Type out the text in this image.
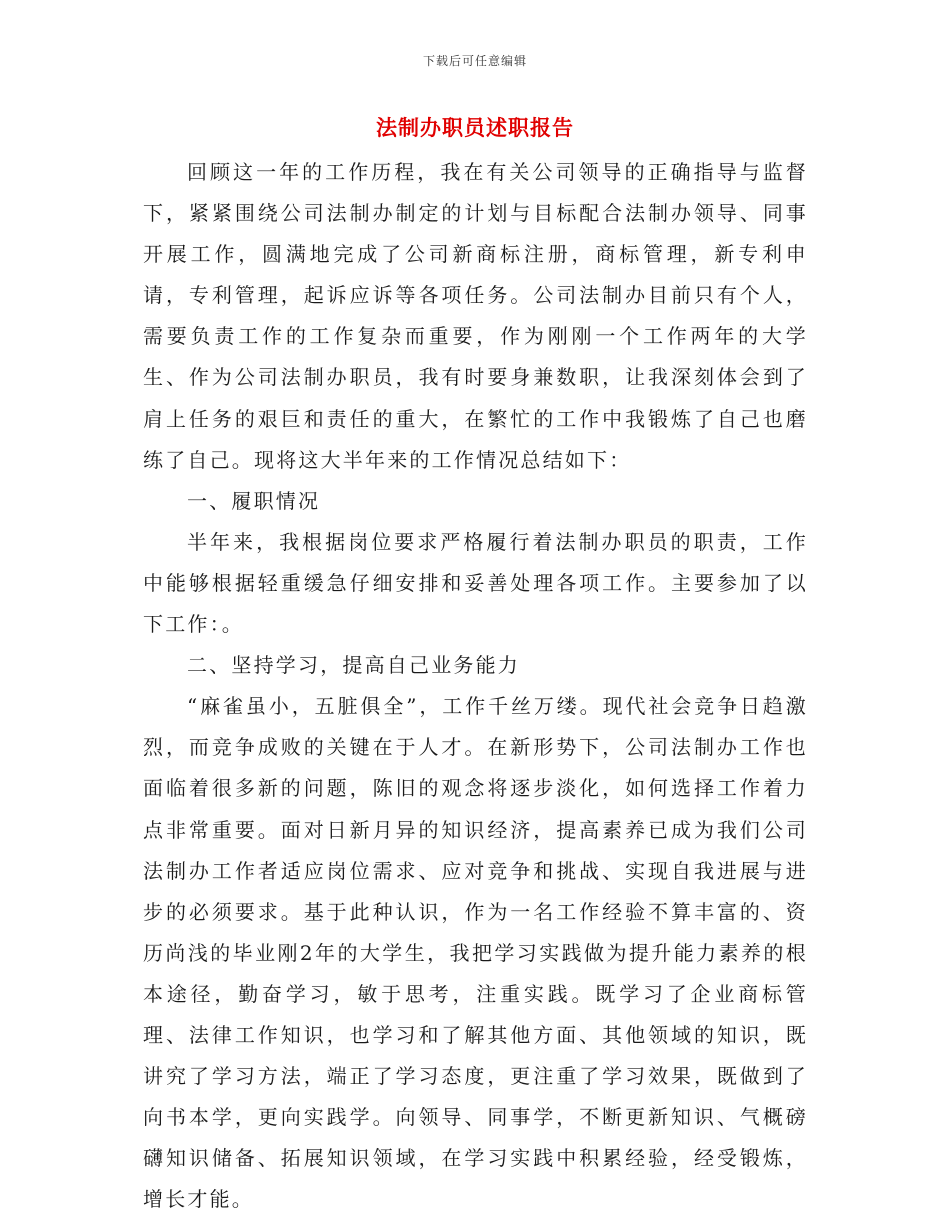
下载后可任意编辑
法制办职员述职报告

回顾这一年的工作历程，我在有关公司领导的正确指导与监督下，紧紧围绕公司法制办制定的计划与目标配合法制办领导、同事开展工作，圆满地完成了公司新商标注册，商标管理，新专利申请，专利管理，起诉应诉等各项任务。公司法制办目前只有个人，需要负责工作的工作复杂而重要，作为刚刚一个工作两年的大学生、作为公司法制办职员，我有时要身兼数职，让我深刻体会到了肩上任务的艰巨和责任的重大，在繁忙的工作中我锻炼了自己也磨练了自己。现将这大半年来的工作情况总结如下：

一、履职情况

半年来，我根据岗位要求严格履行着法制办职员的职责，工作中能够根据轻重缓急仔细安排和妥善处理各项工作。主要参加了以下工作：。

二、坚持学习，提高自己业务能力

“麻雀虽小，五脏俱全”，工作千丝万缕。现代社会竞争日趋激烈，而竞争成败的关键在于人才。在新形势下，公司法制办工作也面临着很多新的问题，陈旧的观念将逐步淡化，如何选择工作着力点非常重要。面对日新月异的知识经济，提高素养已成为我们公司法制办工作者适应岗位需求、应对竞争和挑战、实现自我进展与进步的必须要求。基于此种认识，作为一名工作经验不算丰富的、资历尚浅的毕业刚2年的大学生，我把学习实践做为提升能力素养的根本途径，勤奋学习，敏于思考，注重实践。既学习了企业商标管理、法律工作知识，也学习和了解其他方面、其他领域的知识，既讲究了学习方法，端正了学习态度，更注重了学习效果，既做到了向书本学，更向实践学。向领导、同事学，不断更新知识、气概磅礴知识储备、拓展知识领域，在学习实践中积累经验，经受锻炼，增长才能。
